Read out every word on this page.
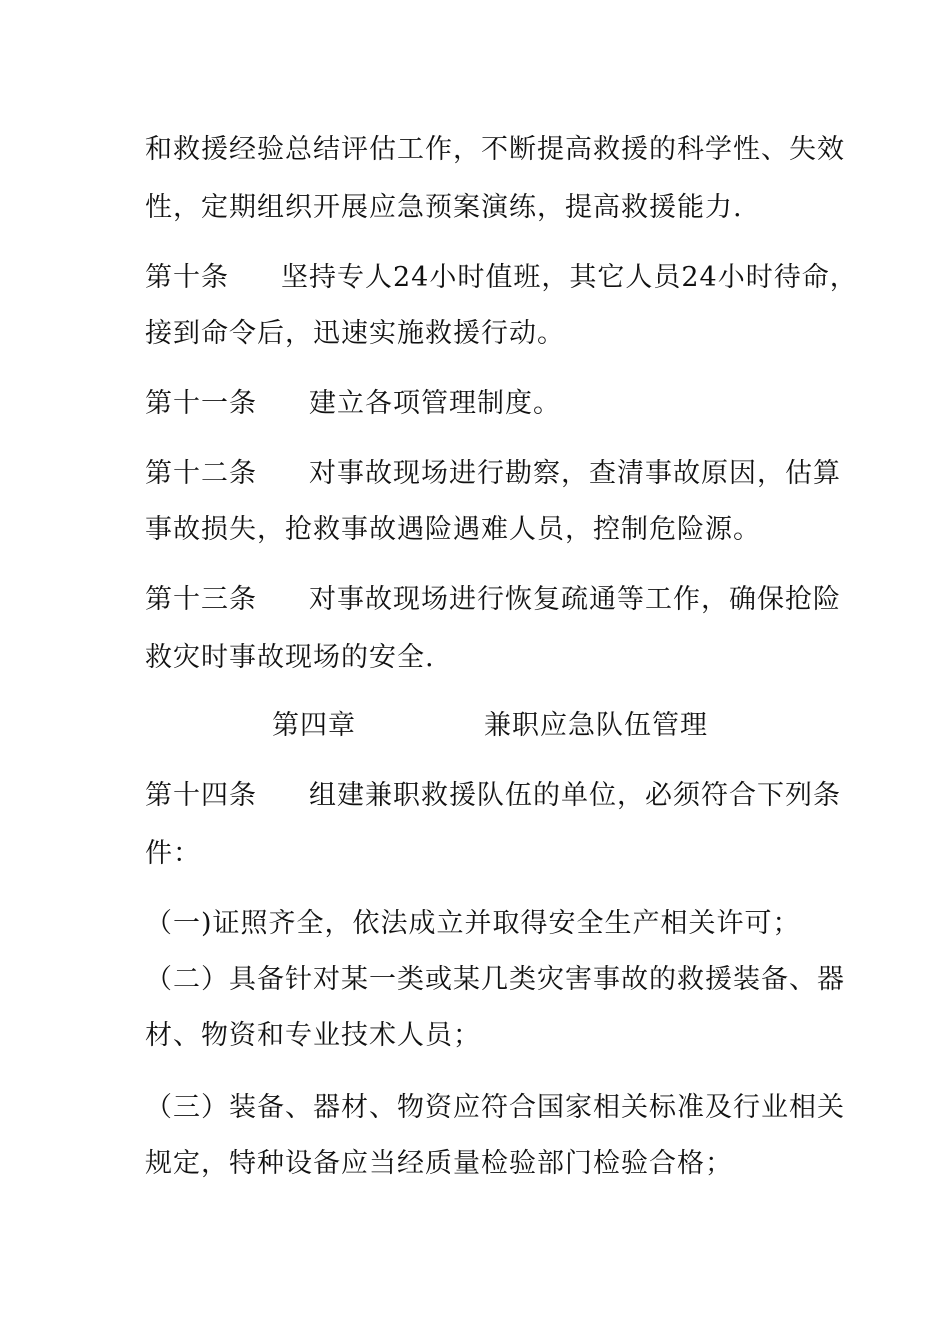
和救援经验总结评估工作，不断提高救援的科学性、失效
性，定期组织开展应急预案演练，提高救援能力.
第十条 坚持专人24小时值班，其它人员24小时待命，
接到命令后，迅速实施救援行动。
第十一条 建立各项管理制度。
第十二条 对事故现场进行勘察，查清事故原因，估算
事故损失，抢救事故遇险遇难人员，控制危险源。
第十三条 对事故现场进行恢复疏通等工作，确保抢险
救灾时事故现场的安全.
第四章	兼职应急队伍管理
第十四条 组建兼职救援队伍的单位，必须符合下列条
件：
（一)证照齐全，依法成立并取得安全生产相关许可；
（二）具备针对某一类或某几类灾害事故的救援装备、器
材、物资和专业技术人员；
（三）装备、器材、物资应符合国家相关标准及行业相关
规定，特种设备应当经质量检验部门检验合格；
